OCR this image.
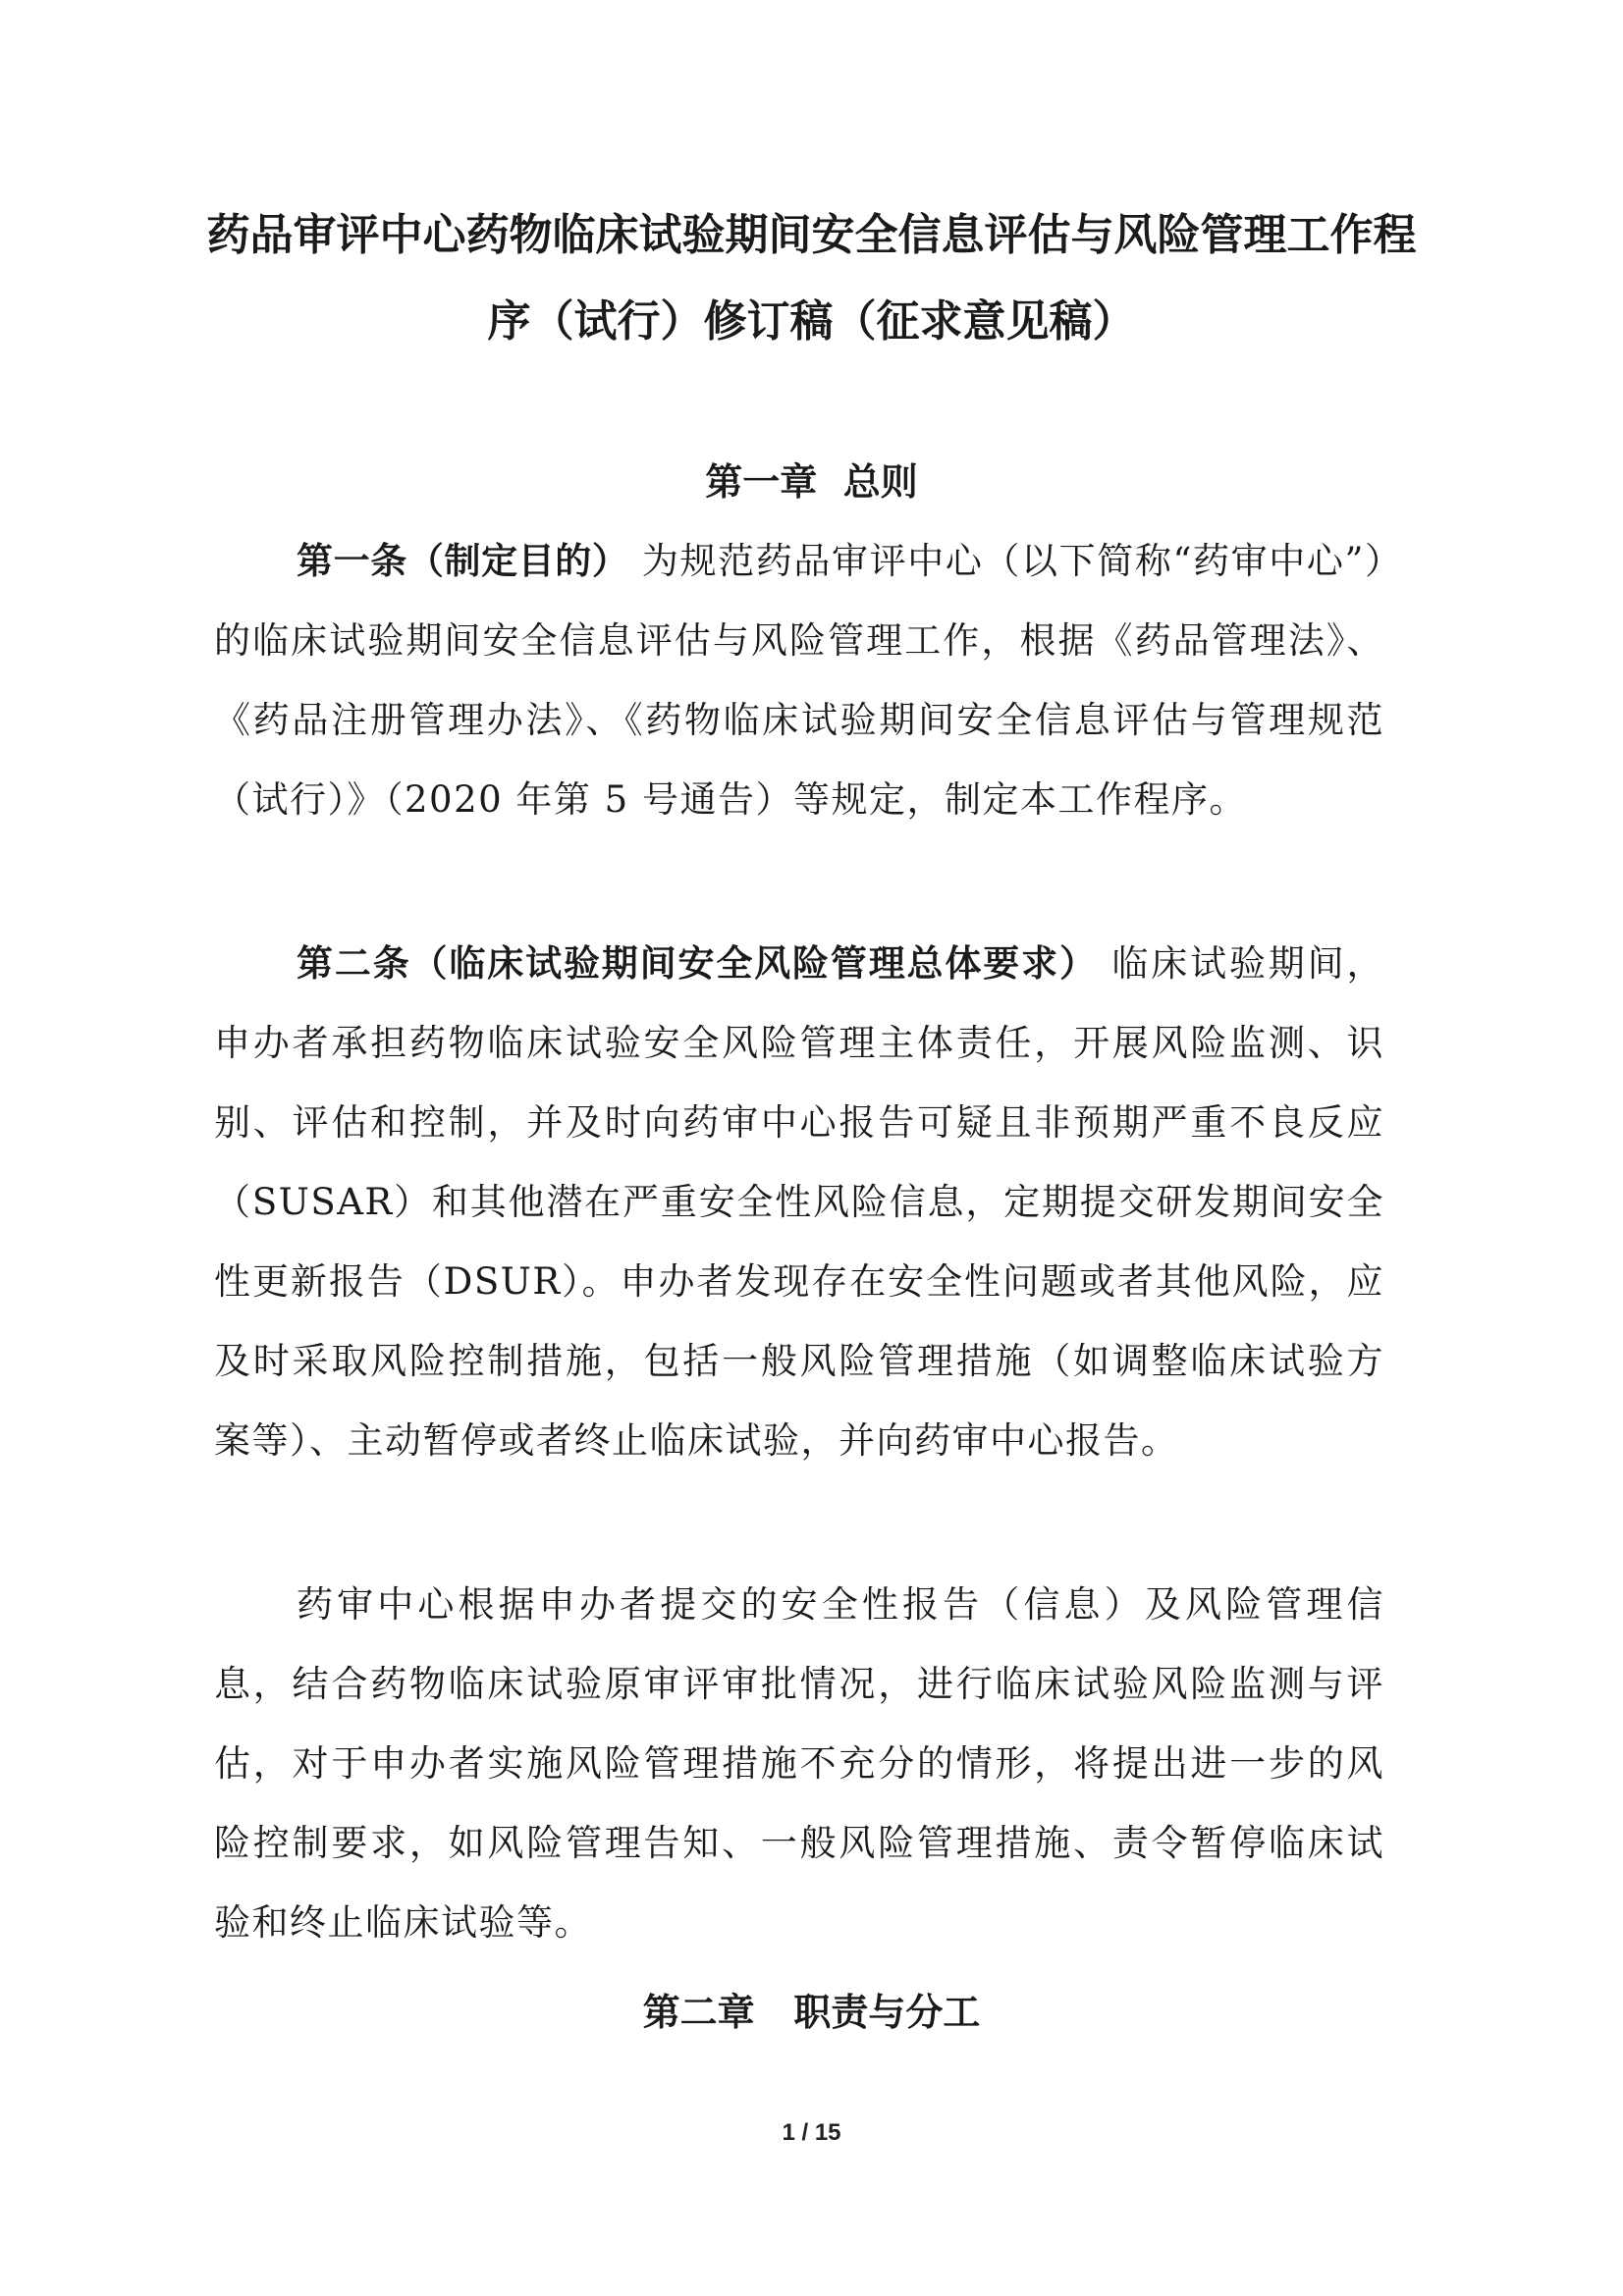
药品审评中心药物临床试验期间安全信息评估与风险管理工作程
序（试行）修订稿（征求意见稿）
第一章  总则

第一条（制定目的） 为规范药品审评中心（以下简称“药审中心”）的临床试验期间安全信息评估与风险管理工作，根据《药品管理法》、《药品注册管理办法》、《药物临床试验期间安全信息评估与管理规范（试行）》（2020 年第 5 号通告）等规定，制定本工作程序。

第二条（临床试验期间安全风险管理总体要求） 临床试验期间，申办者承担药物临床试验安全风险管理主体责任，开展风险监测、识别、评估和控制，并及时向药审中心报告可疑且非预期严重不良反应（SUSAR）和其他潜在严重安全性风险信息，定期提交研发期间安全性更新报告（DSUR）。申办者发现存在安全性问题或者其他风险，应及时采取风险控制措施，包括一般风险管理措施（如调整临床试验方案等）、主动暂停或者终止临床试验，并向药审中心报告。

药审中心根据申办者提交的安全性报告（信息）及风险管理信息，结合药物临床试验原审评审批情况，进行临床试验风险监测与评估，对于申办者实施风险管理措施不充分的情形，将提出进一步的风险控制要求，如风险管理告知、一般风险管理措施、责令暂停临床试验和终止临床试验等。

第二章   职责与分工
1 / 15
